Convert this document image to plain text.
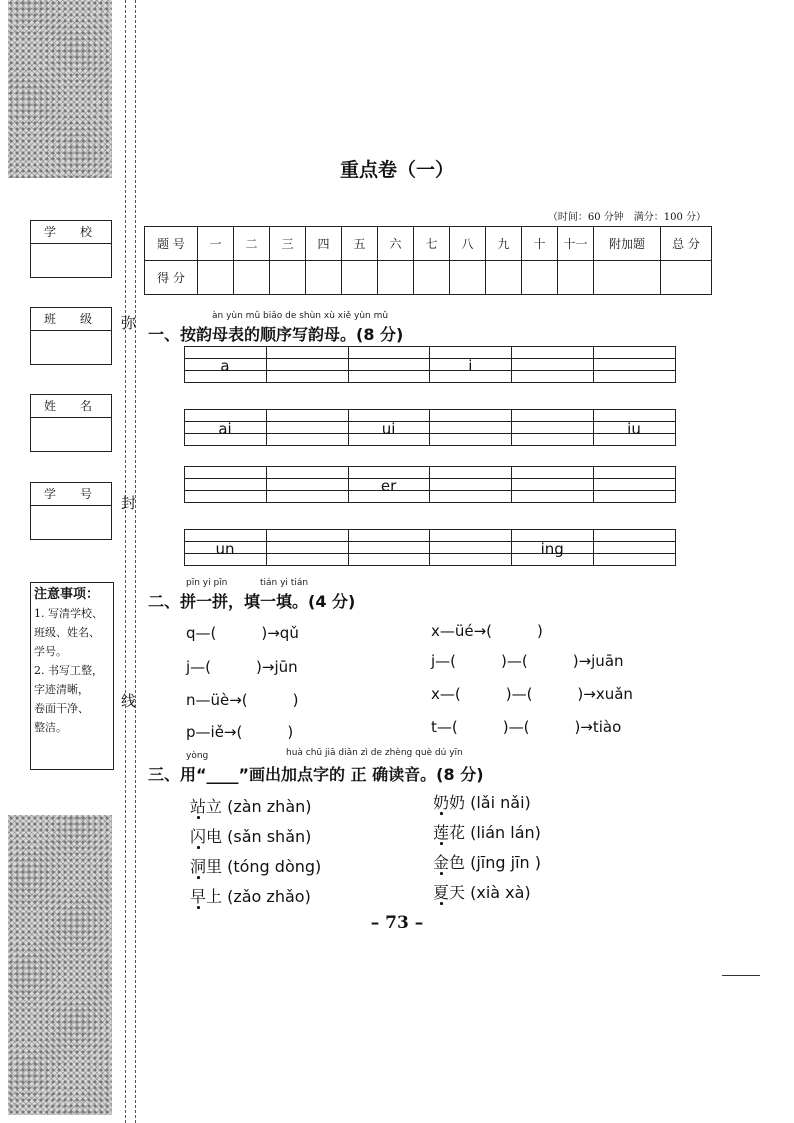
学　校
班　级
姓　名
学　号
弥
封
线
注意事项：
1. 写清学校、
班级、姓名、
学号。
2. 书写工整，
字迹清晰，
卷面干净、
整洁。
重点卷（一）
（时间：60 分钟　满分：100 分）
题 号	一	二	三	四	五	六	七	八	九	十	十一	附加题	总 分
得 分													
àn yùn mǔ biǎo de shùn xù xiě yùn mǔ
一、按韵母表的顺序写韵母。(8 分)
a	i
ai	ui	iu
er
un	ing
pīn yi pīn	tián yi tián
二、拼一拼，填一填。(4 分)
q—(　　　)→qǔ	x—üé→(　　　)
j—(　　　)→jūn	j—(　　　)—(　　　)→juān
n—üè→(　　　)	x—(　　　)—(　　　)→xuǎn
p—iě→(　　　)	t—(　　　)—(　　　)→tiào
yòng	huà chū jiā diǎn zì de zhèng què dú yīn
三、用“____”画出加点字的 正 确读音。(8 分)
站立 (zàn zhàn)	奶奶 (lǎi nǎi)
闪电 (sǎn shǎn)	莲花 (lián lán)
洞里 (tóng dòng)	金色 (jīng jīn )
早上 (zǎo zhǎo)	夏天 (xià xà)
– 73 –
